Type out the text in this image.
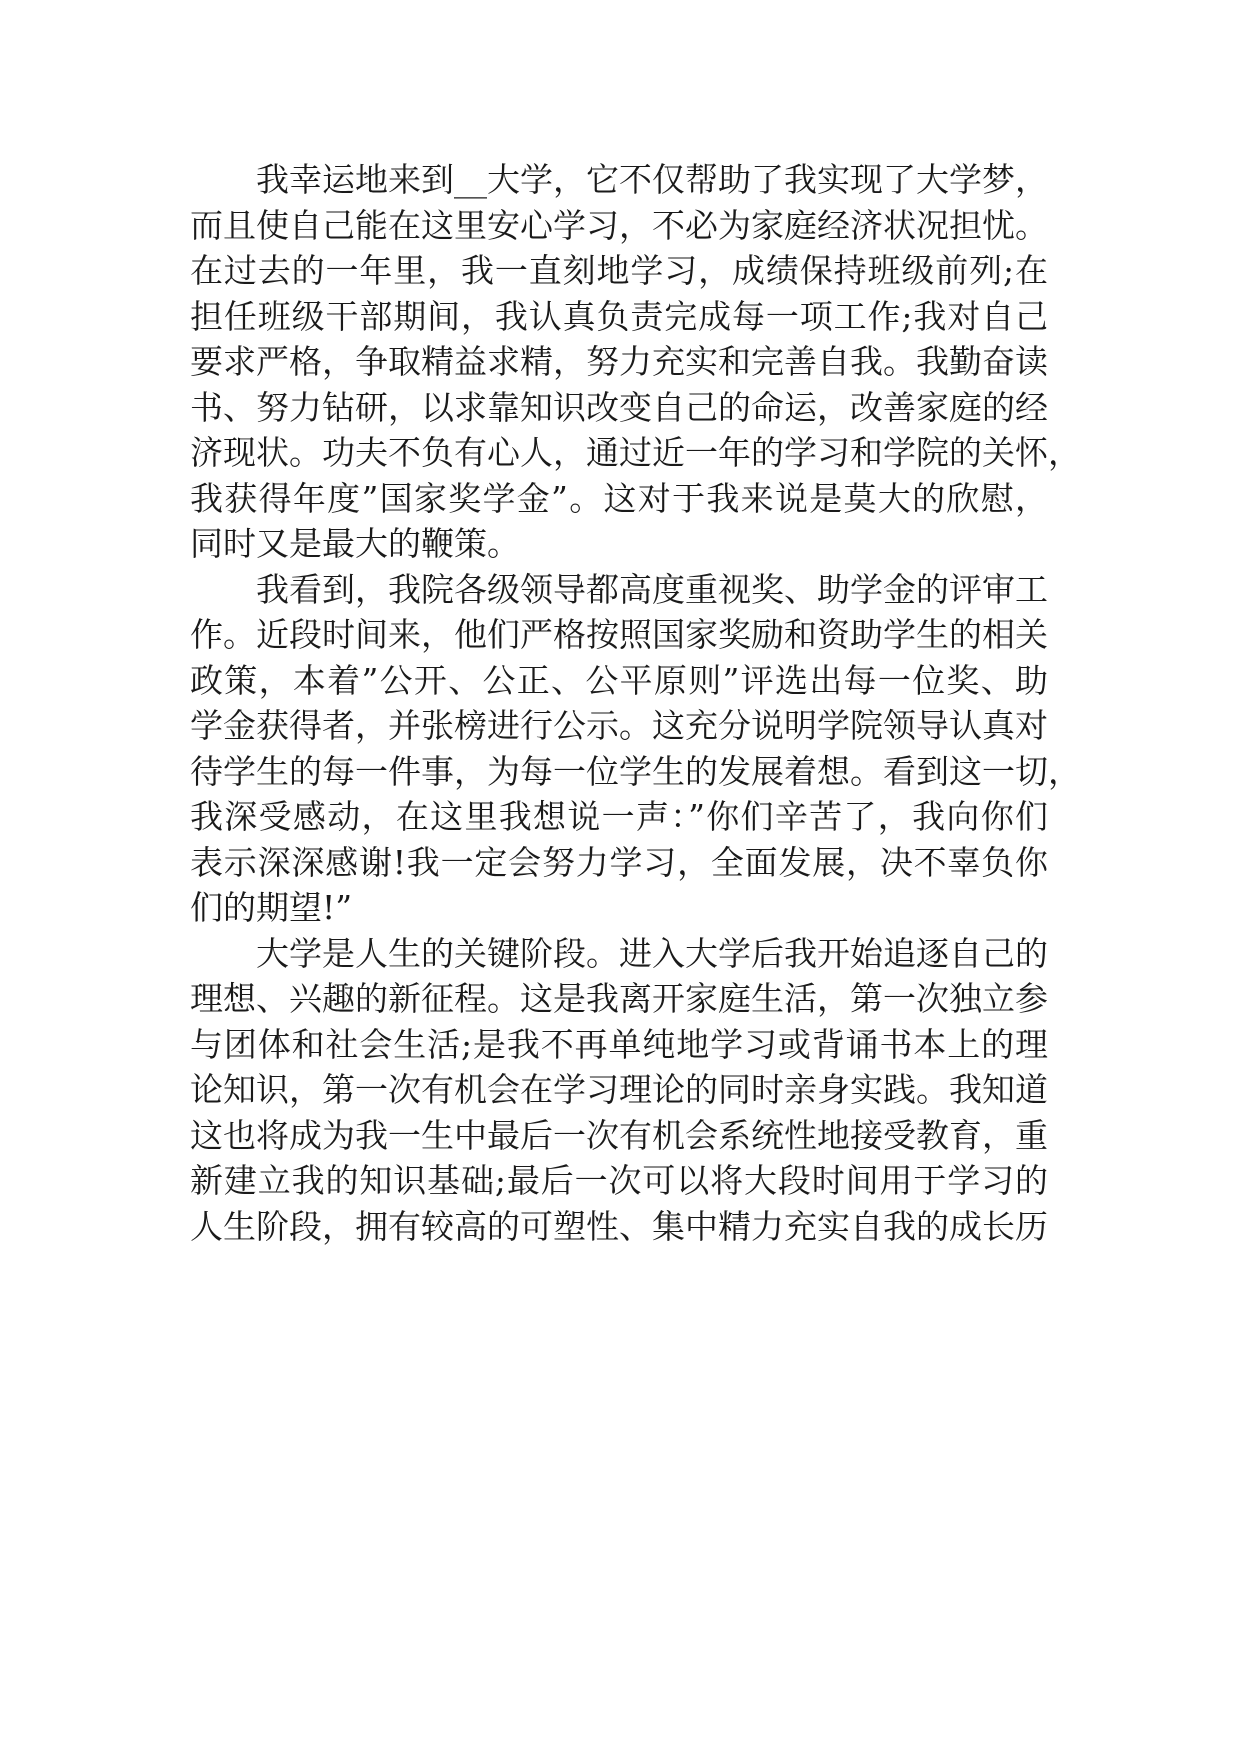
我幸运地来到__大学，它不仅帮助了我实现了大学梦，
而且使自己能在这里安心学习，不必为家庭经济状况担忧。
在过去的一年里，我一直刻地学习，成绩保持班级前列;在
担任班级干部期间，我认真负责完成每一项工作;我对自己
要求严格，争取精益求精，努力充实和完善自我。我勤奋读
书、努力钻研，以求靠知识改变自己的命运，改善家庭的经
济现状。功夫不负有心人，通过近一年的学习和学院的关怀，
我获得年度”国家奖学金”。这对于我来说是莫大的欣慰，
同时又是最大的鞭策。
我看到，我院各级领导都高度重视奖、助学金的评审工
作。近段时间来，他们严格按照国家奖励和资助学生的相关
政策，本着”公开、公正、公平原则”评选出每一位奖、助
学金获得者，并张榜进行公示。这充分说明学院领导认真对
待学生的每一件事，为每一位学生的发展着想。看到这一切，
我深受感动，在这里我想说一声：”你们辛苦了，我向你们
表示深深感谢!我一定会努力学习，全面发展，决不辜负你
们的期望!”
大学是人生的关键阶段。进入大学后我开始追逐自己的
理想、兴趣的新征程。这是我离开家庭生活，第一次独立参
与团体和社会生活;是我不再单纯地学习或背诵书本上的理
论知识，第一次有机会在学习理论的同时亲身实践。我知道
这也将成为我一生中最后一次有机会系统性地接受教育，重
新建立我的知识基础;最后一次可以将大段时间用于学习的
人生阶段，拥有较高的可塑性、集中精力充实自我的成长历
